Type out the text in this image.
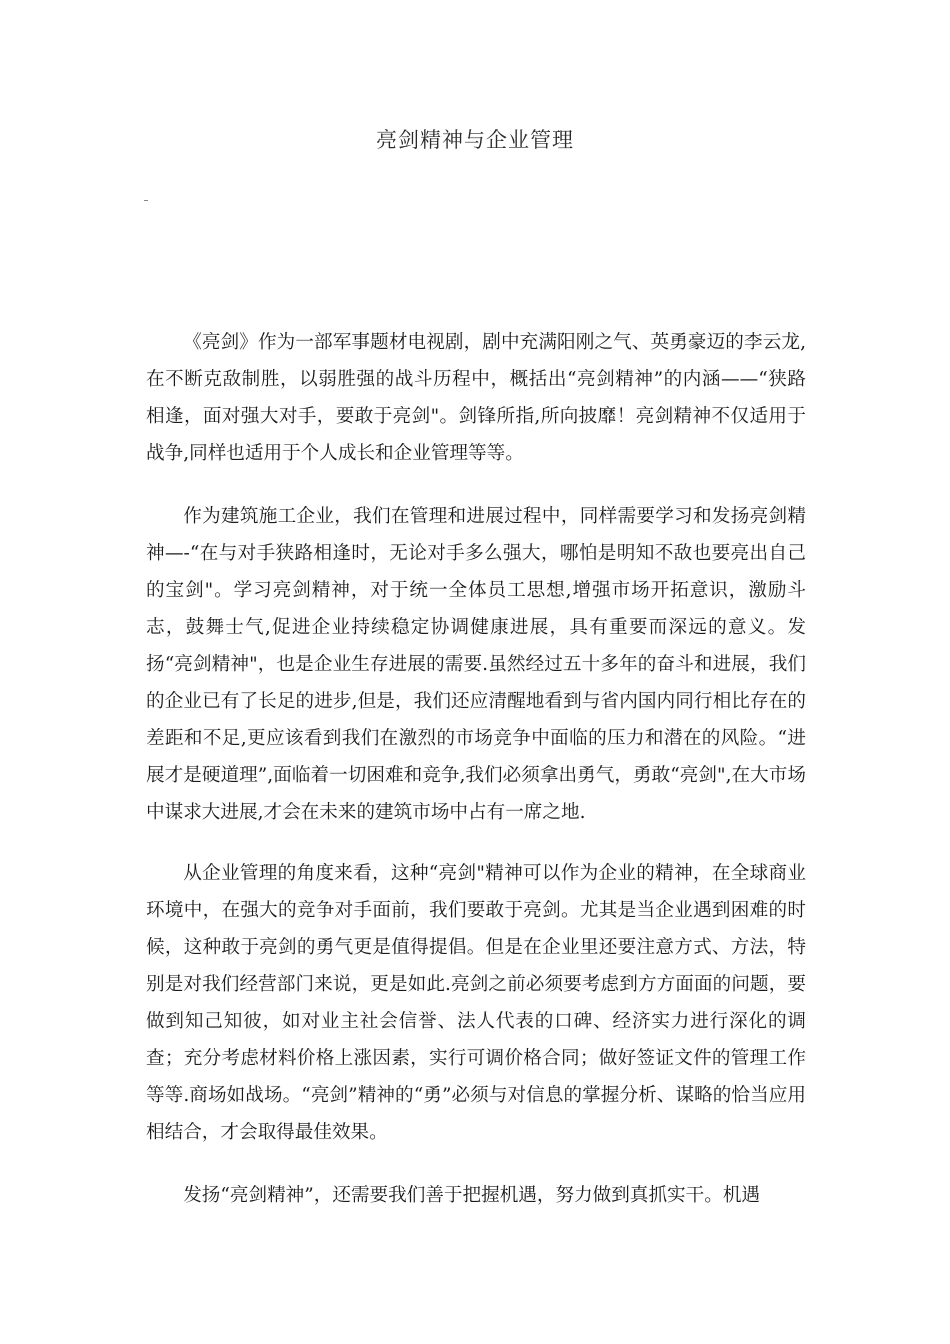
亮剑精神与企业管理

《亮剑》作为一部军事题材电视剧，剧中充满阳刚之气、英勇豪迈的李云龙,在不断克敌制胜，以弱胜强的战斗历程中，概括出“亮剑精神”的内涵——“狭路相逢，面对强大对手，要敢于亮剑"。剑锋所指,所向披靡！亮剑精神不仅适用于战争,同样也适用于个人成长和企业管理等等。

作为建筑施工企业，我们在管理和进展过程中，同样需要学习和发扬亮剑精神—-“在与对手狭路相逢时，无论对手多么强大，哪怕是明知不敌也要亮出自己的宝剑"。学习亮剑精神，对于统一全体员工思想,增强市场开拓意识，激励斗志，鼓舞士气,促进企业持续稳定协调健康进展，具有重要而深远的意义。发扬“亮剑精神"，也是企业生存进展的需要.虽然经过五十多年的奋斗和进展，我们的企业已有了长足的进步,但是，我们还应清醒地看到与省内国内同行相比存在的差距和不足,更应该看到我们在激烈的市场竞争中面临的压力和潜在的风险。“进展才是硬道理”,面临着一切困难和竞争,我们必须拿出勇气，勇敢“亮剑",在大市场中谋求大进展,才会在未来的建筑市场中占有一席之地.

从企业管理的角度来看，这种“亮剑"精神可以作为企业的精神，在全球商业环境中，在强大的竞争对手面前，我们要敢于亮剑。尤其是当企业遇到困难的时候，这种敢于亮剑的勇气更是值得提倡。但是在企业里还要注意方式、方法，特别是对我们经营部门来说，更是如此.亮剑之前必须要考虑到方方面面的问题，要做到知己知彼，如对业主社会信誉、法人代表的口碑、经济实力进行深化的调查；充分考虑材料价格上涨因素，实行可调价格合同；做好签证文件的管理工作等等.商场如战场。“亮剑”精神的“勇”必须与对信息的掌握分析、谋略的恰当应用相结合，才会取得最佳效果。

发扬“亮剑精神”，还需要我们善于把握机遇，努力做到真抓实干。机遇
